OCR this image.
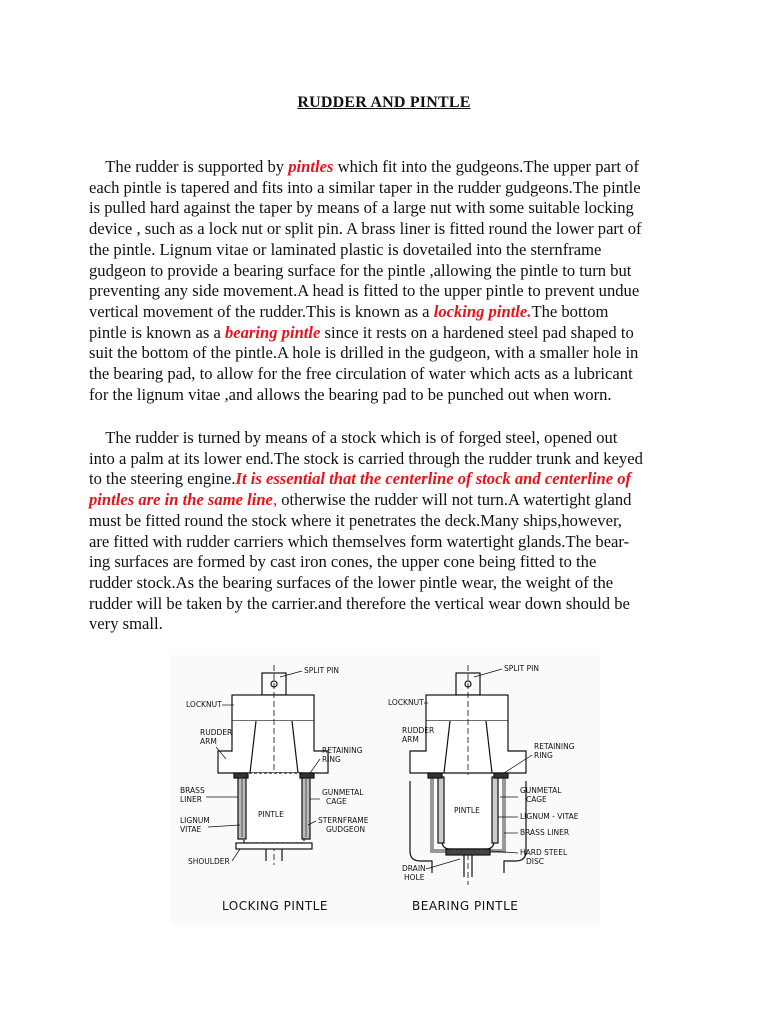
RUDDER AND PINTLE
The rudder is supported by pintles which fit into the gudgeons.The upper part of
each pintle is tapered and fits into a similar taper in the rudder gudgeons.The pintle
is pulled hard against the taper by means of a large nut with some suitable locking
device , such as a lock nut or split pin. A brass liner is fitted round the lower part of
the pintle. Lignum vitae or laminated plastic is dovetailed into the sternframe
gudgeon to provide a bearing surface for the pintle ,allowing the pintle to turn but
preventing any side movement.A head is fitted to the upper pintle to prevent undue
vertical movement of the rudder.This is known as a locking pintle.The bottom
pintle is known as a bearing pintle since it rests on a hardened steel pad shaped to
suit the bottom of the pintle.A hole is drilled in the gudgeon, with a smaller hole in
the bearing pad, to allow for the free circulation of water which acts as a lubricant
for the lignum vitae ,and allows the bearing pad to be punched out when worn.
The rudder is turned by means of a stock which is of forged steel, opened out
into a palm at its lower end.The stock is carried through the rudder trunk and keyed
to the steering engine.It is essential that the centerline of stock and centerline of
pintles are in the same line, otherwise the rudder will not turn.A watertight gland
must be fitted round the stock where it penetrates the deck.Many ships,however,
are fitted with rudder carriers which themselves form watertight glands.The bear-
ing surfaces are formed by cast iron cones, the upper cone being fitted to the
rudder stock.As the bearing surfaces of the lower pintle wear, the weight of the
rudder will be taken by the carrier.and therefore the vertical wear down should be
very small.
SPLIT PIN
LOCKNUT
RUDDER
ARM
RETAINING
RING
BRASS
LINER
GUNMETAL
CAGE
LIGNUM
VITAE
PINTLE
STERNFRAME
GUDGEON
SHOULDER
LOCKING PINTLE
SPLIT PIN
LOCKNUT
RUDDER
ARM
RETAINING
RING
GUNMETAL
CAGE
PINTLE
LIGNUM - VITAE
BRASS LINER
HARD STEEL
DISC
DRAIN
HOLE
BEARING PINTLE
